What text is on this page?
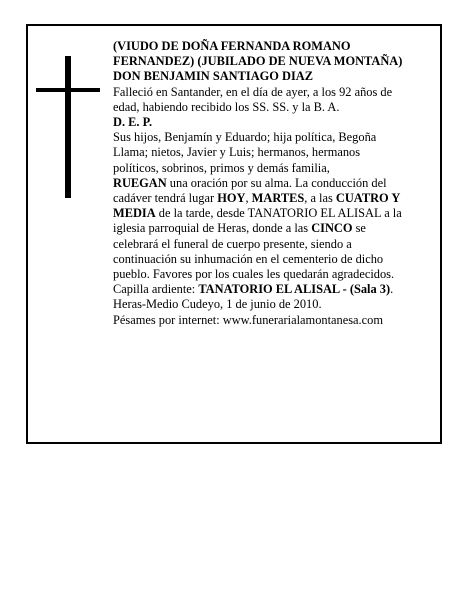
(VIUDO DE DOÑA FERNANDA ROMANO FERNANDEZ) (JUBILADO DE NUEVA MONTAÑA)

DON BENJAMIN SANTIAGO DIAZ

Falleció en Santander, en el día de ayer, a los 92 años de edad, habiendo recibido los SS. SS. y la B. A.

D. E. P.

Sus hijos, Benjamín y Eduardo; hija política, Begoña Llama; nietos, Javier y Luis; hermanos, hermanos políticos, sobrinos, primos y demás familia,

RUEGAN una oración por su alma. La conducción del cadáver tendrá lugar HOY, MARTES, a las CUATRO Y MEDIA de la tarde, desde TANATORIO EL ALISAL a la iglesia parroquial de Heras, donde a las CINCO se celebrará el funeral de cuerpo presente, siendo a continuación su inhumación en el cementerio de dicho pueblo. Favores por los cuales les quedarán agradecidos. Capilla ardiente: TANATORIO EL ALISAL - (Sala 3).

Heras-Medio Cudeyo, 1 de junio de 2010.

Pésames por internet: www.funerarialamontanesa.com
